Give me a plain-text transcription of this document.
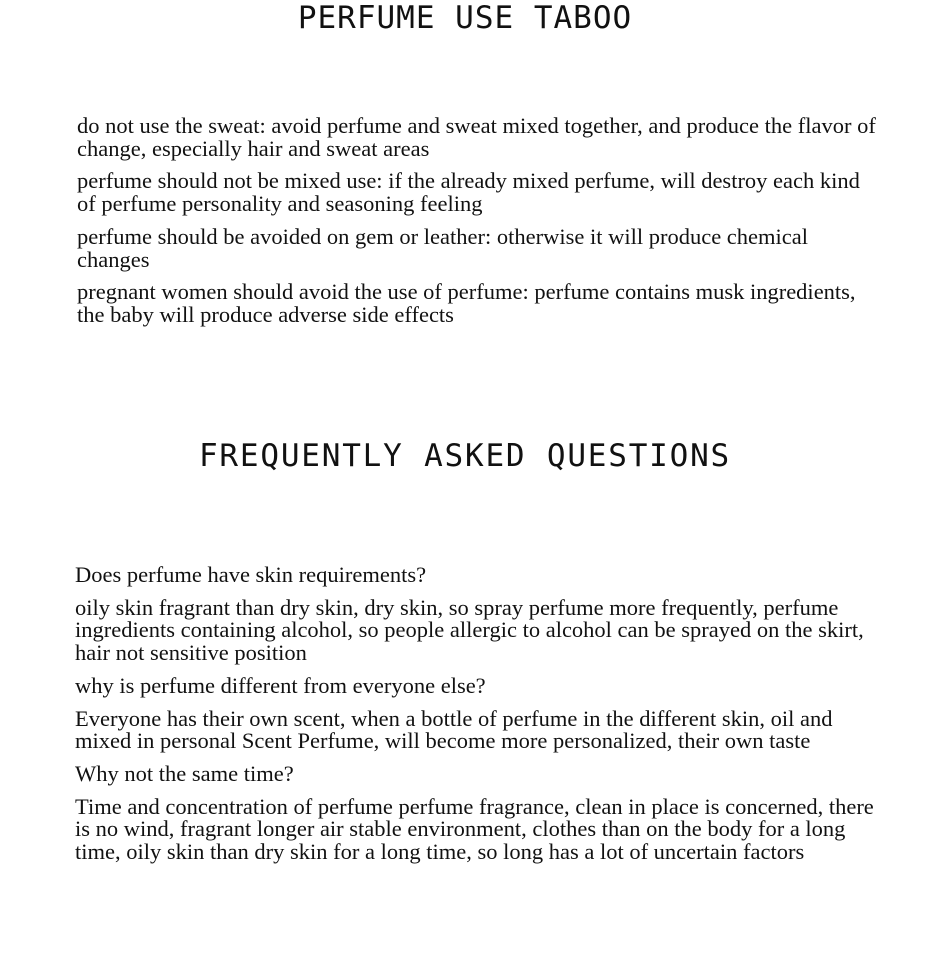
PERFUME USE TABOO

do not use the sweat: avoid perfume and sweat mixed together, and produce the flavor of change, especially hair and sweat areas

perfume should not be mixed use: if the already mixed perfume, will destroy each kind of perfume personality and seasoning feeling

perfume should be avoided on gem or leather: otherwise it will produce chemical changes

pregnant women should avoid the use of perfume: perfume contains musk ingredients, the baby will produce adverse side effects

FREQUENTLY ASKED QUESTIONS

Does perfume have skin requirements?

oily skin fragrant than dry skin, dry skin, so spray perfume more frequently, perfume ingredients containing alcohol, so people allergic to alcohol can be sprayed on the skirt, hair not sensitive position

why is perfume different from everyone else?

Everyone has their own scent, when a bottle of perfume in the different skin, oil and mixed in personal Scent Perfume, will become more personalized, their own taste

Why not the same time?

Time and concentration of perfume perfume fragrance, clean in place is concerned, there is no wind, fragrant longer air stable environment, clothes than on the body for a long time, oily skin than dry skin for a long time, so long has a lot of uncertain factors
